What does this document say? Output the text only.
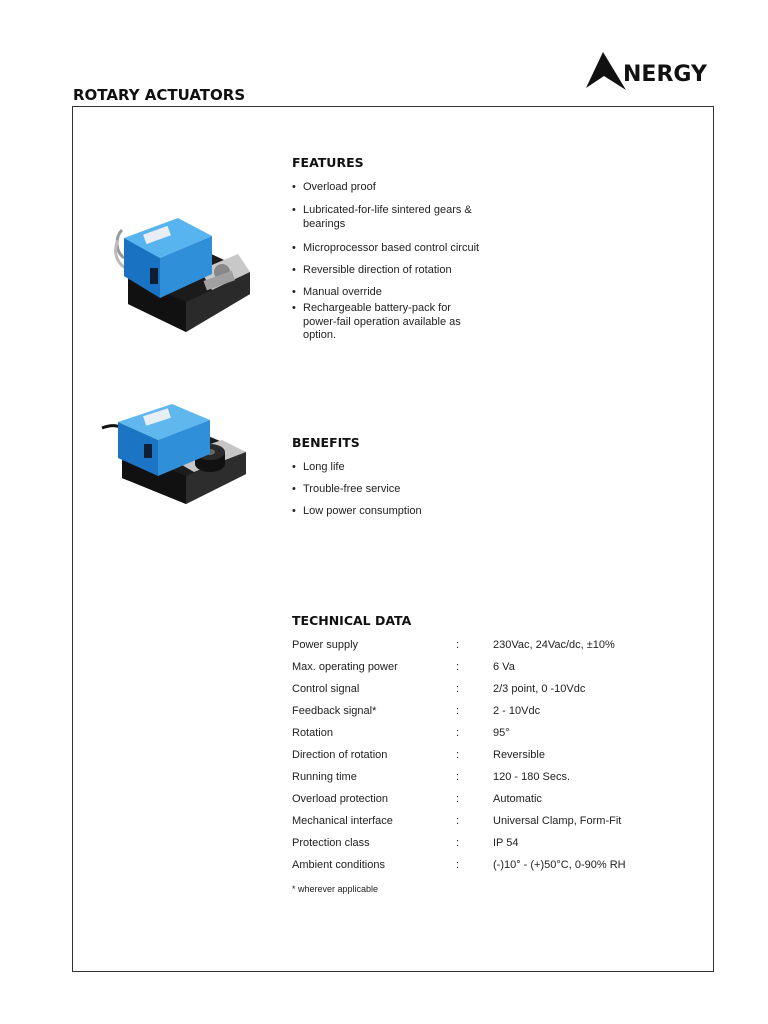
NERGY
ROTARY ACTUATORS
FEATURES
• Overload proof
• Lubricated-for-life sintered gears & bearings
• Microprocessor based control circuit
• Reversible direction of rotation
• Manual override
• Rechargeable battery-pack for power-fail operation available as option.
BENEFITS
• Long life
• Trouble-free service
• Low power consumption
TECHNICAL DATA
Power supply	:	230Vac, 24Vac/dc, ±10%
Max. operating power	:	6 Va
Control signal	:	2/3 point, 0 -10Vdc
Feedback signal*	:	2 - 10Vdc
Rotation	:	95°
Direction of rotation	:	Reversible
Running time	:	120 - 180 Secs.
Overload protection	:	Automatic
Mechanical interface	:	Universal Clamp, Form-Fit
Protection class	:	IP 54
Ambient conditions	:	(-)10° - (+)50°C, 0-90% RH
* wherever applicable
